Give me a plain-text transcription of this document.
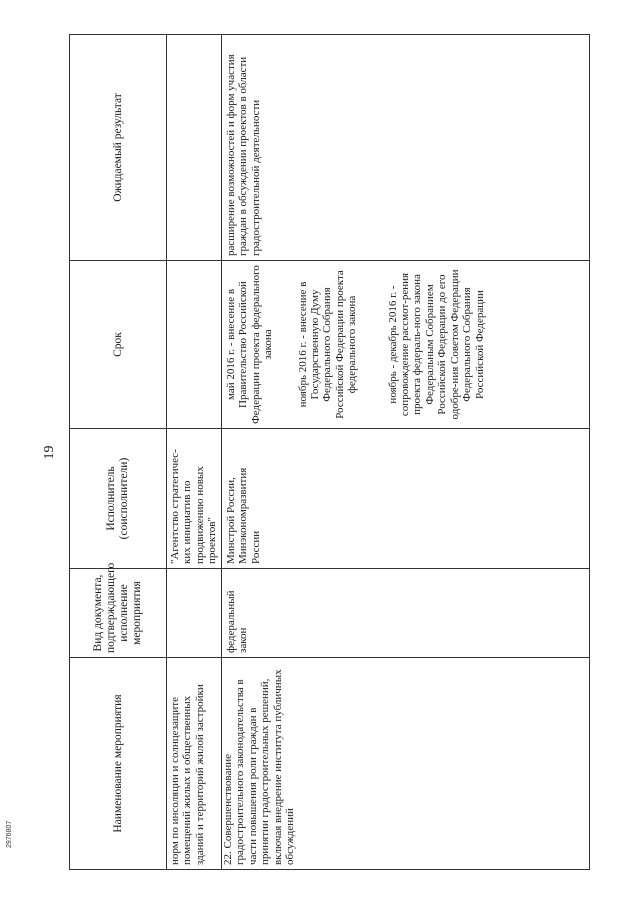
19
Наименование мероприятия	Вид документа, подтверждающего исполнение мероприятия	Исполнитель (соисполнители)	Срок	Ожидаемый результат
норм по инсоляции и солнцезащите помещений жилых и общественных зданий и территорий жилой застройки		"Агентство стратегичес-ких инициатив по продвижению новых проектов"		
22. Совершенствование градостроительного законодательства в части повышения роли граждан в принятии градостроительных решений, включая внедрение института публичных обсуждений	федеральный закон	Минстрой России, Минэкономразвития России	май 2016 г. - внесение в Правительство Российской Федерации проекта федерального закона ноябрь 2016 г. - внесение в Государственную Думу Федерального Собрания Российской Федерации проекта федерального закона ноябрь - декабрь 2016 г. - сопровождение рассмот-рения проекта федераль-ного закона Федеральным Собранием Российской Федерации до его одобре-ния Советом Федерации Федерального Собрания Российской Федерации	расширение возможностей и форм участия граждан в обсуждении проектов в области градостроительной деятельности
2976807
